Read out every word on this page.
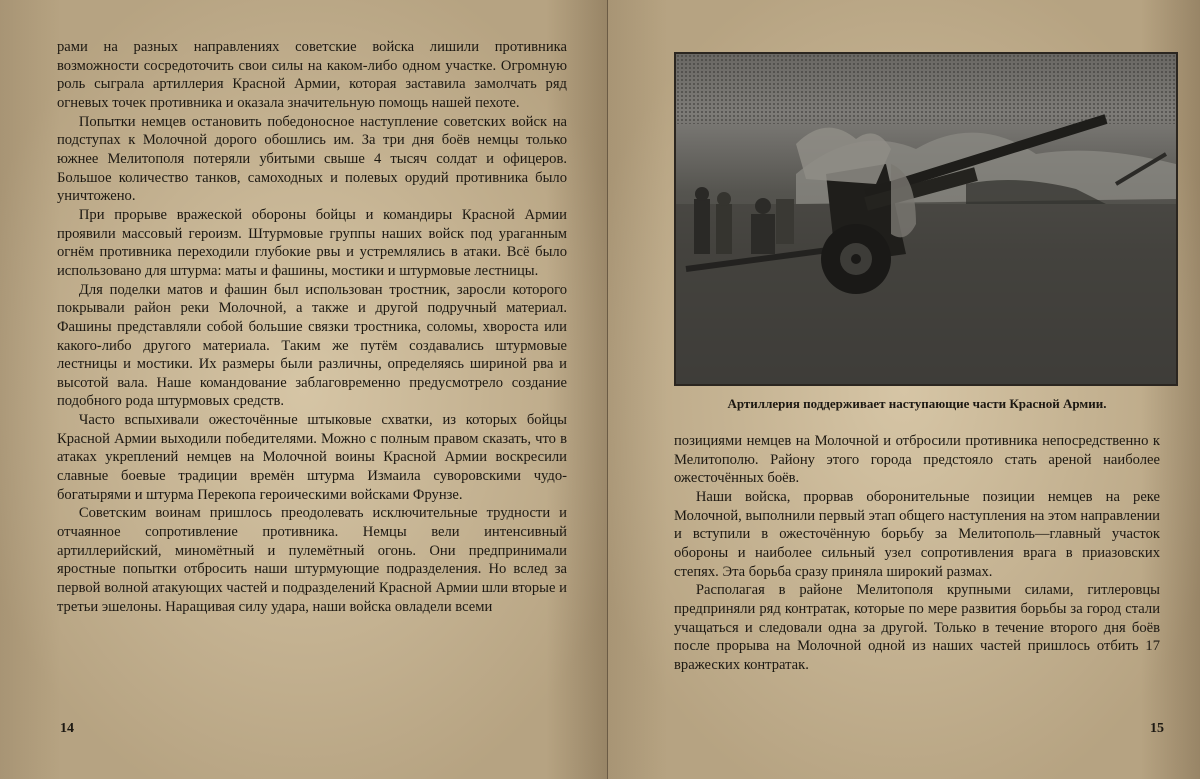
рами на разных направлениях советские войска лишили противника возможности сосредоточить свои силы на каком-либо одном участке. Огромную роль сыграла артиллерия Красной Армии, которая заставила замолчать ряд огневых точек противника и оказала значительную помощь нашей пехоте.

Попытки немцев остановить победоносное наступление советских войск на подступах к Молочной дорого обошлись им. За три дня боёв немцы только южнее Мелитополя потеряли убитыми свыше 4 тысяч солдат и офицеров. Большое количество танков, самоходных и полевых орудий противника было уничтожено.

При прорыве вражеской обороны бойцы и командиры Красной Армии проявили массовый героизм. Штурмовые группы наших войск под ураганным огнём противника переходили глубокие рвы и устремлялись в атаки. Всё было использовано для штурма: маты и фашины, мостики и штурмовые лестницы.

Для поделки матов и фашин был использован тростник, заросли которого покрывали район реки Молочной, а также и другой подручный материал. Фашины представляли собой большие связки тростника, соломы, хвороста или какого-либо другого материала. Таким же путём создавались штурмовые лестницы и мостики. Их размеры были различны, определяясь шириной рва и высотой вала. Наше командование заблаговременно предусмотрело создание подобного рода штурмовых средств.

Часто вспыхивали ожесточённые штыковые схватки, из которых бойцы Красной Армии выходили победителями. Можно с полным правом сказать, что в атаках укреплений немцев на Молочной воины Красной Армии воскресили славные боевые традиции времён штурма Измаила суворовскими чудо-богатырями и штурма Перекопа героическими войсками Фрунзе.

Советским воинам пришлось преодолевать исключительные трудности и отчаянное сопротивление противника. Немцы вели интенсивный артиллерийский, миномётный и пулемётный огонь. Они предпринимали яростные попытки отбросить наши штурмующие подразделения. Но вслед за первой волной атакующих частей и подразделений Красной Армии шли вторые и третьи эшелоны. Наращивая силу удара, наши войска овладели всеми

14
Артиллерия поддерживает наступающие части Красной Армии.

позициями немцев на Молочной и отбросили противника непосредственно к Мелитополю. Району этого города предстояло стать ареной наиболее ожесточённых боёв.

Наши войска, прорвав оборонительные позиции немцев на реке Молочной, выполнили первый этап общего наступления на этом направлении и вступили в ожесточённую борьбу за Мелитополь—главный участок обороны и наиболее сильный узел сопротивления врага в приазовских степях. Эта борьба сразу приняла широкий размах.

Располагая в районе Мелитополя крупными силами, гитлеровцы предприняли ряд контратак, которые по мере развития борьбы за город стали учащаться и следовали одна за другой. Только в течение второго дня боёв после прорыва на Молочной одной из наших частей пришлось отбить 17 вражеских контратак.

15
